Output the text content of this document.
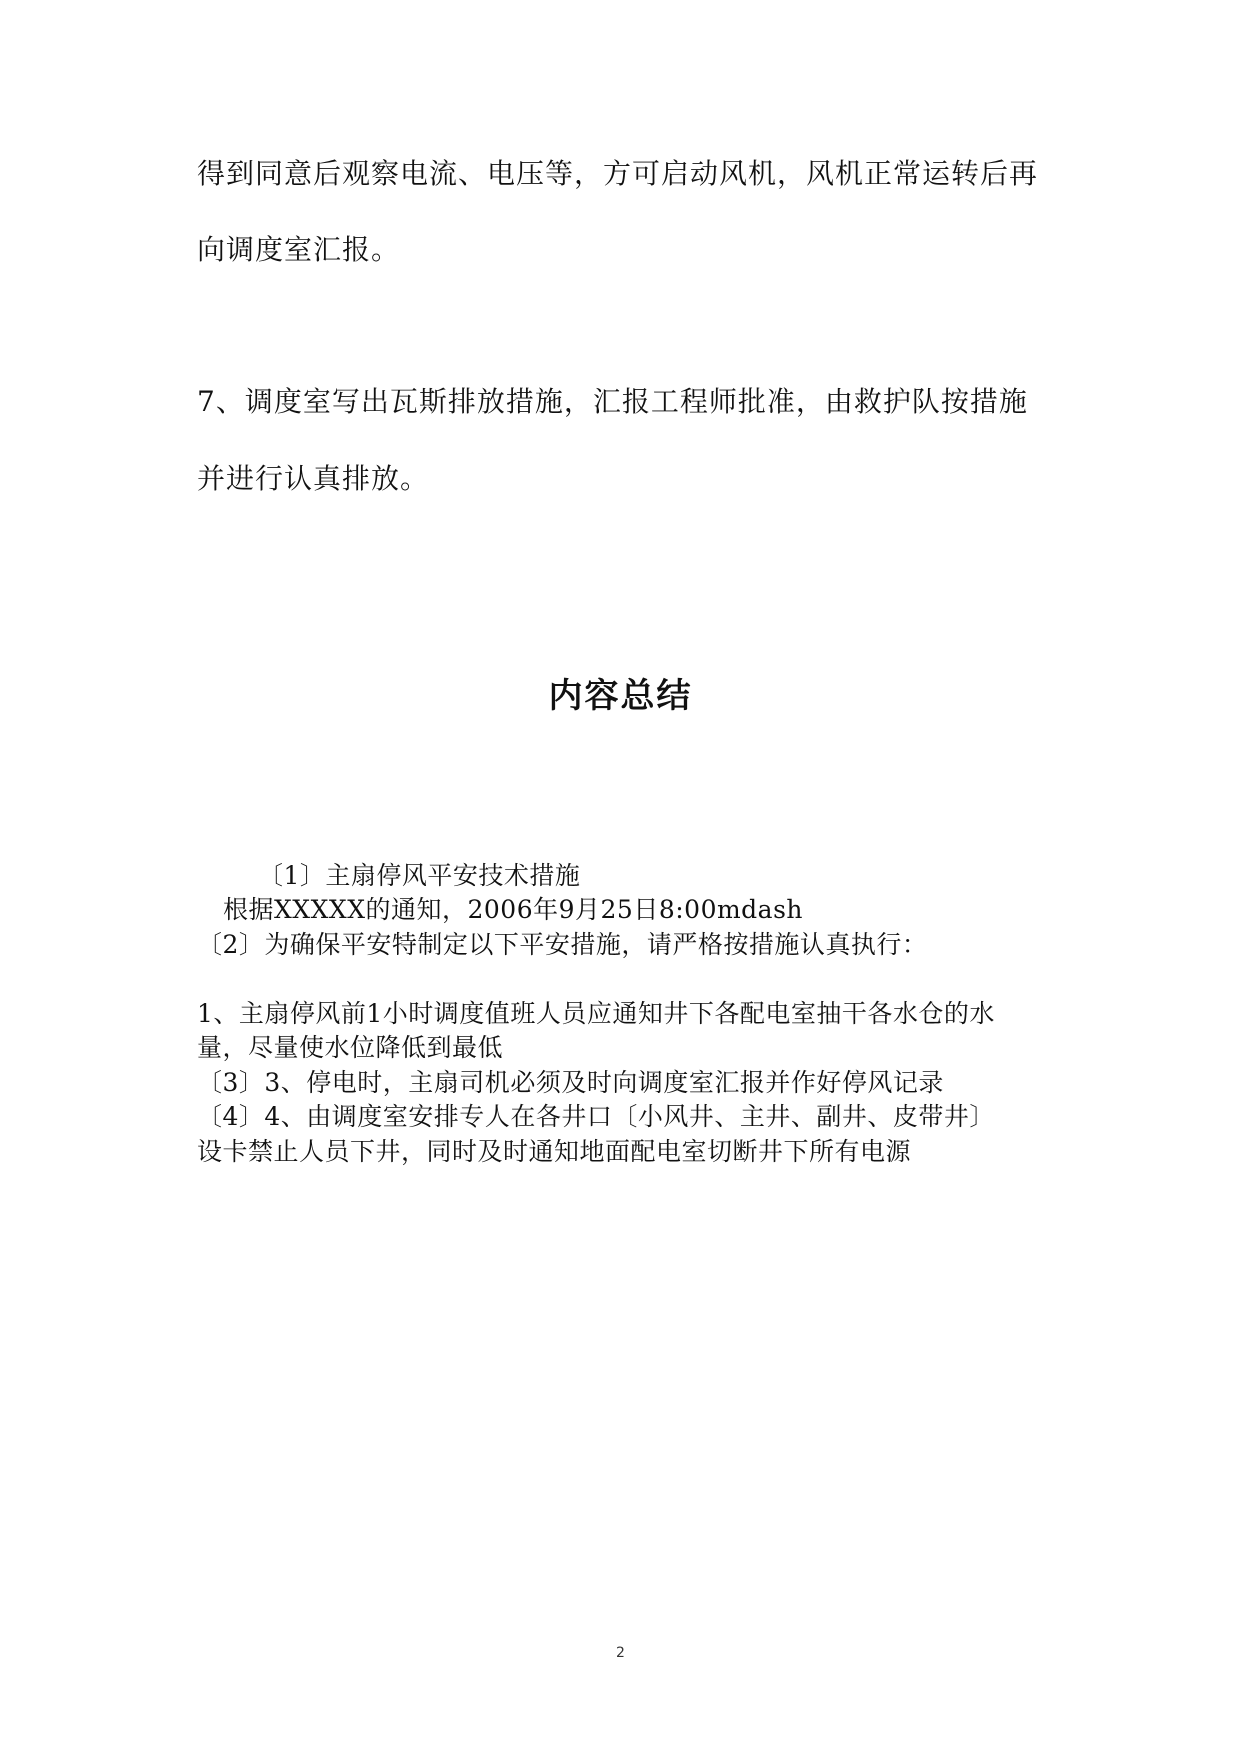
得到同意后观察电流、电压等，方可启动风机，风机正常运转后再
向调度室汇报。
7、调度室写出瓦斯排放措施，汇报工程师批准，由救护队按措施
并进行认真排放。
内容总结
〔1〕主扇停风平安技术措施
根据XXXXX的通知，2006年9月25日8:00mdash
〔2〕为确保平安特制定以下平安措施，请严格按措施认真执行：
1、主扇停风前1小时调度值班人员应通知井下各配电室抽干各水仓的水
量，尽量使水位降低到最低
〔3〕3、停电时，主扇司机必须及时向调度室汇报并作好停风记录
〔4〕4、由调度室安排专人在各井口〔小风井、主井、副井、皮带井〕
设卡禁止人员下井，同时及时通知地面配电室切断井下所有电源
2
